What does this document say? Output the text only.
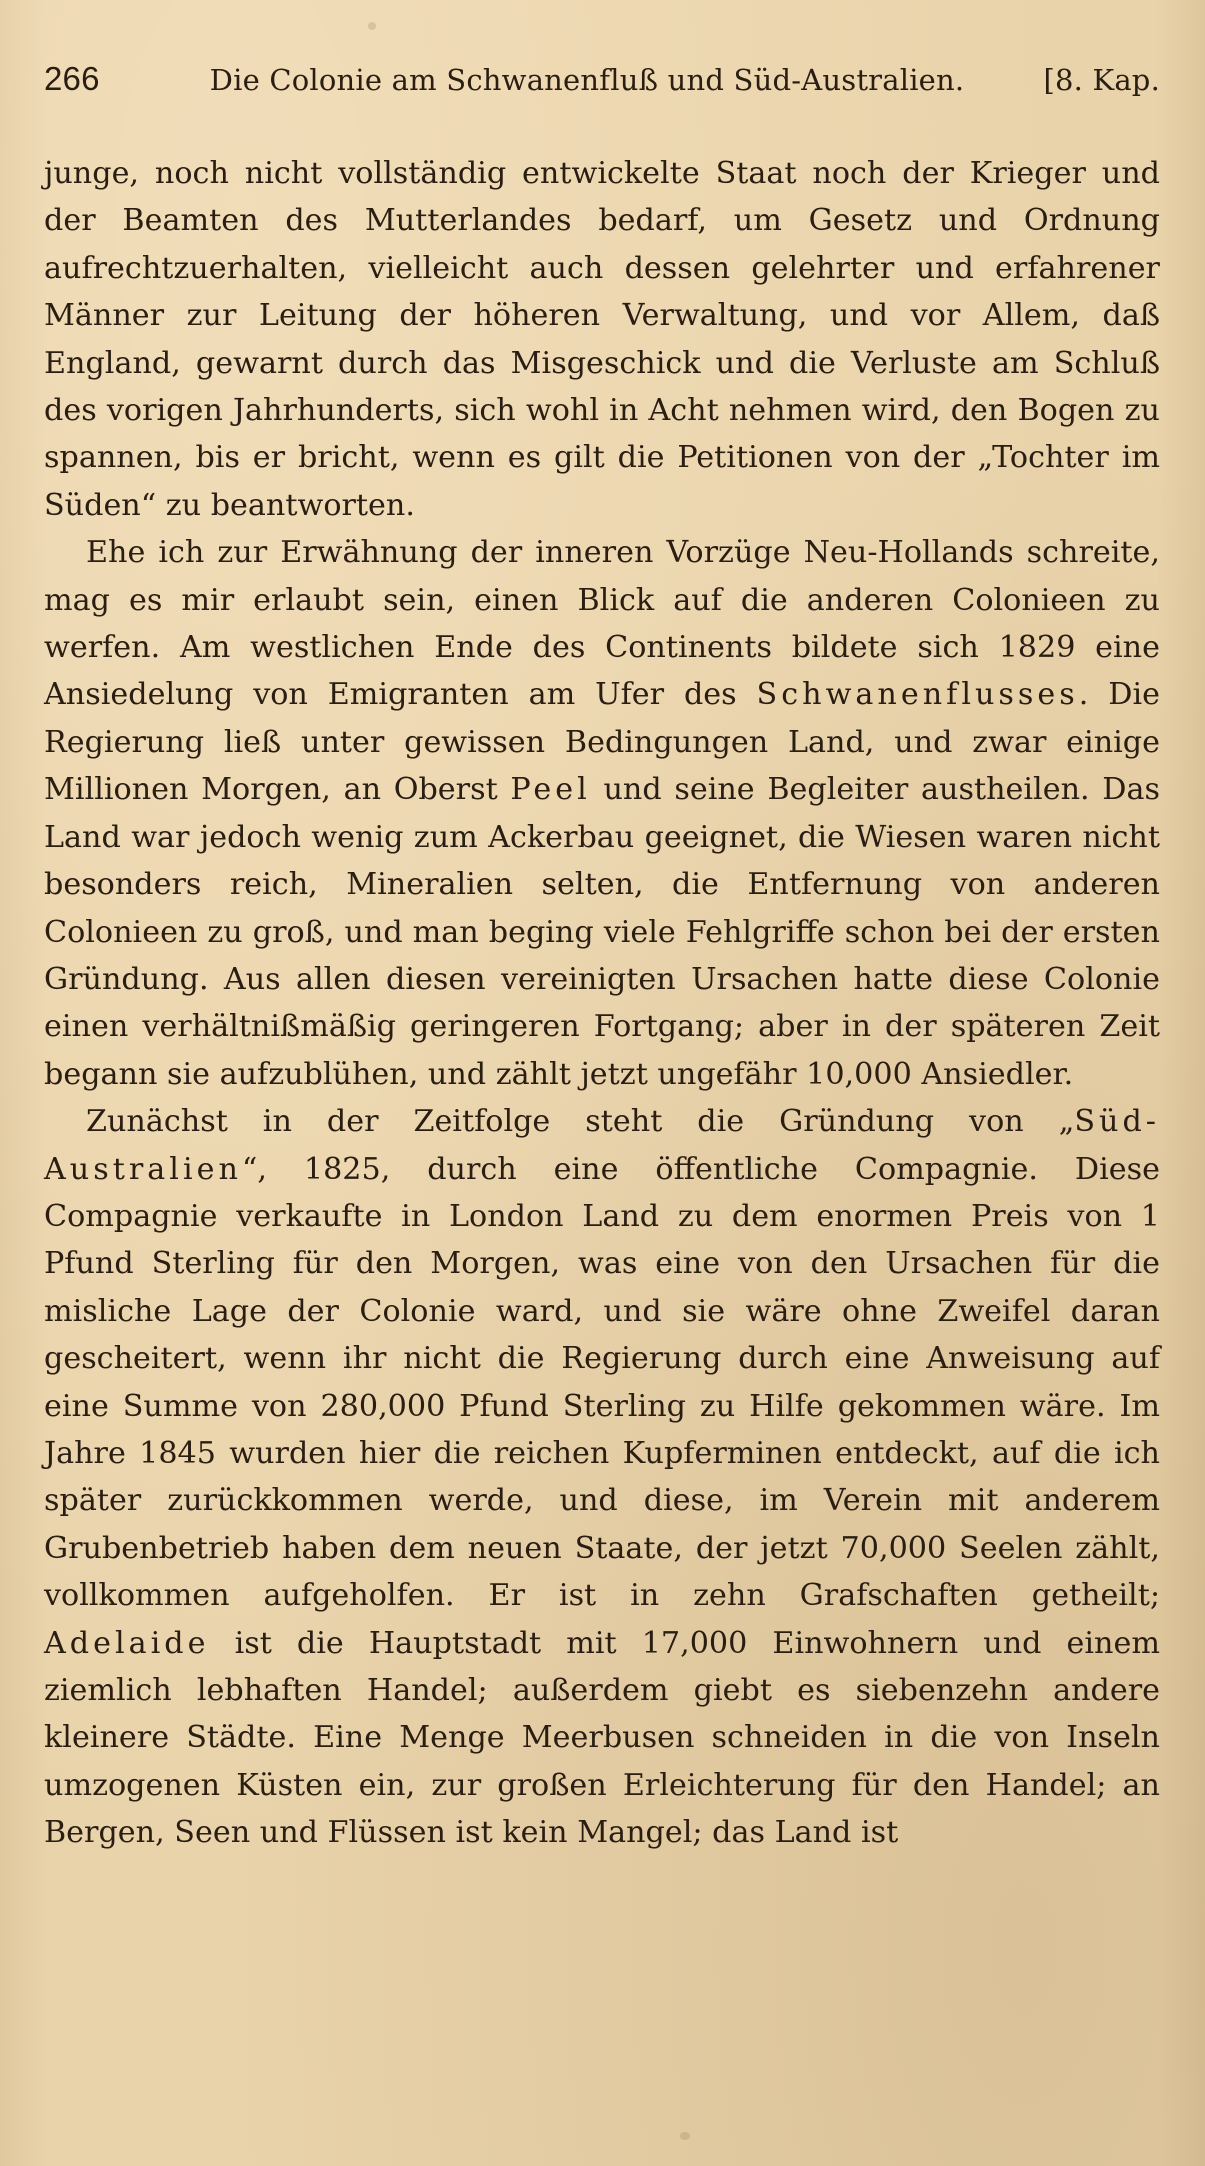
266	Die Colonie am Schwanenfluß und Süd-Australien.	[8. Kap.

junge, noch nicht vollständig entwickelte Staat noch der Krieger und der Beamten des Mutterlandes bedarf, um Gesetz und Ordnung aufrechtzuerhalten, vielleicht auch dessen gelehrter und erfahrener Männer zur Leitung der höheren Verwaltung, und vor Allem, daß England, gewarnt durch das Misgeschick und die Verluste am Schluß des vorigen Jahrhunderts, sich wohl in Acht nehmen wird, den Bogen zu spannen, bis er bricht, wenn es gilt die Petitionen von der „Tochter im Süden“ zu beantworten.

Ehe ich zur Erwähnung der inneren Vorzüge Neu-Hollands schreite, mag es mir erlaubt sein, einen Blick auf die anderen Colonieen zu werfen. Am westlichen Ende des Continents bildete sich 1829 eine Ansiedelung von Emigranten am Ufer des Schwanenflusses. Die Regierung ließ unter gewissen Bedingungen Land, und zwar einige Millionen Morgen, an Oberst Peel und seine Begleiter austheilen. Das Land war jedoch wenig zum Ackerbau geeignet, die Wiesen waren nicht besonders reich, Mineralien selten, die Entfernung von anderen Colonieen zu groß, und man beging viele Fehlgriffe schon bei der ersten Gründung. Aus allen diesen vereinigten Ursachen hatte diese Colonie einen verhältnißmäßig geringeren Fortgang; aber in der späteren Zeit begann sie aufzublühen, und zählt jetzt ungefähr 10,000 Ansiedler.

Zunächst in der Zeitfolge steht die Gründung von „Süd-Australien“, 1825, durch eine öffentliche Compagnie. Diese Compagnie verkaufte in London Land zu dem enormen Preis von 1 Pfund Sterling für den Morgen, was eine von den Ursachen für die misliche Lage der Colonie ward, und sie wäre ohne Zweifel daran gescheitert, wenn ihr nicht die Regierung durch eine Anweisung auf eine Summe von 280,000 Pfund Sterling zu Hilfe gekommen wäre. Im Jahre 1845 wurden hier die reichen Kupferminen entdeckt, auf die ich später zurückkommen werde, und diese, im Verein mit anderem Grubenbetrieb haben dem neuen Staate, der jetzt 70,000 Seelen zählt, vollkommen aufgeholfen. Er ist in zehn Grafschaften getheilt; Adelaide ist die Hauptstadt mit 17,000 Einwohnern und einem ziemlich lebhaften Handel; außerdem giebt es siebenzehn andere kleinere Städte. Eine Menge Meerbusen schneiden in die von Inseln umzogenen Küsten ein, zur großen Erleichterung für den Handel; an Bergen, Seen und Flüssen ist kein Mangel; das Land ist
